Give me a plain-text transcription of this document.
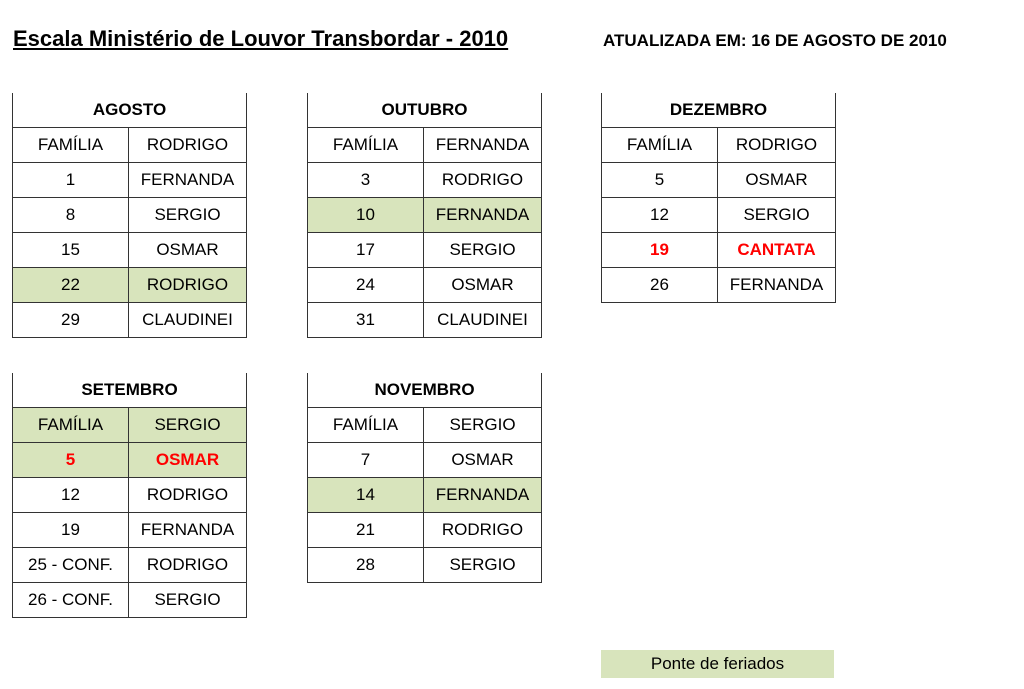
Escala Ministério de Louvor Transbordar - 2010	ATUALIZADA EM: 16 DE AGOSTO DE 2010
AGOSTO	
FAMÍLIA	RODRIGO
1	FERNANDA
8	SERGIO
15	OSMAR
22	RODRIGO
29	CLAUDINEI
OUTUBRO	
FAMÍLIA	FERNANDA
3	RODRIGO
10	FERNANDA
17	SERGIO
24	OSMAR
31	CLAUDINEI
DEZEMBRO	
FAMÍLIA	RODRIGO
5	OSMAR
12	SERGIO
19	CANTATA
26	FERNANDA
SETEMBRO	
FAMÍLIA	SERGIO
5	OSMAR
12	RODRIGO
19	FERNANDA
25 - CONF.	RODRIGO
26 - CONF.	SERGIO
NOVEMBRO	
FAMÍLIA	SERGIO
7	OSMAR
14	FERNANDA
21	RODRIGO
28	SERGIO
Ponte de feriados
